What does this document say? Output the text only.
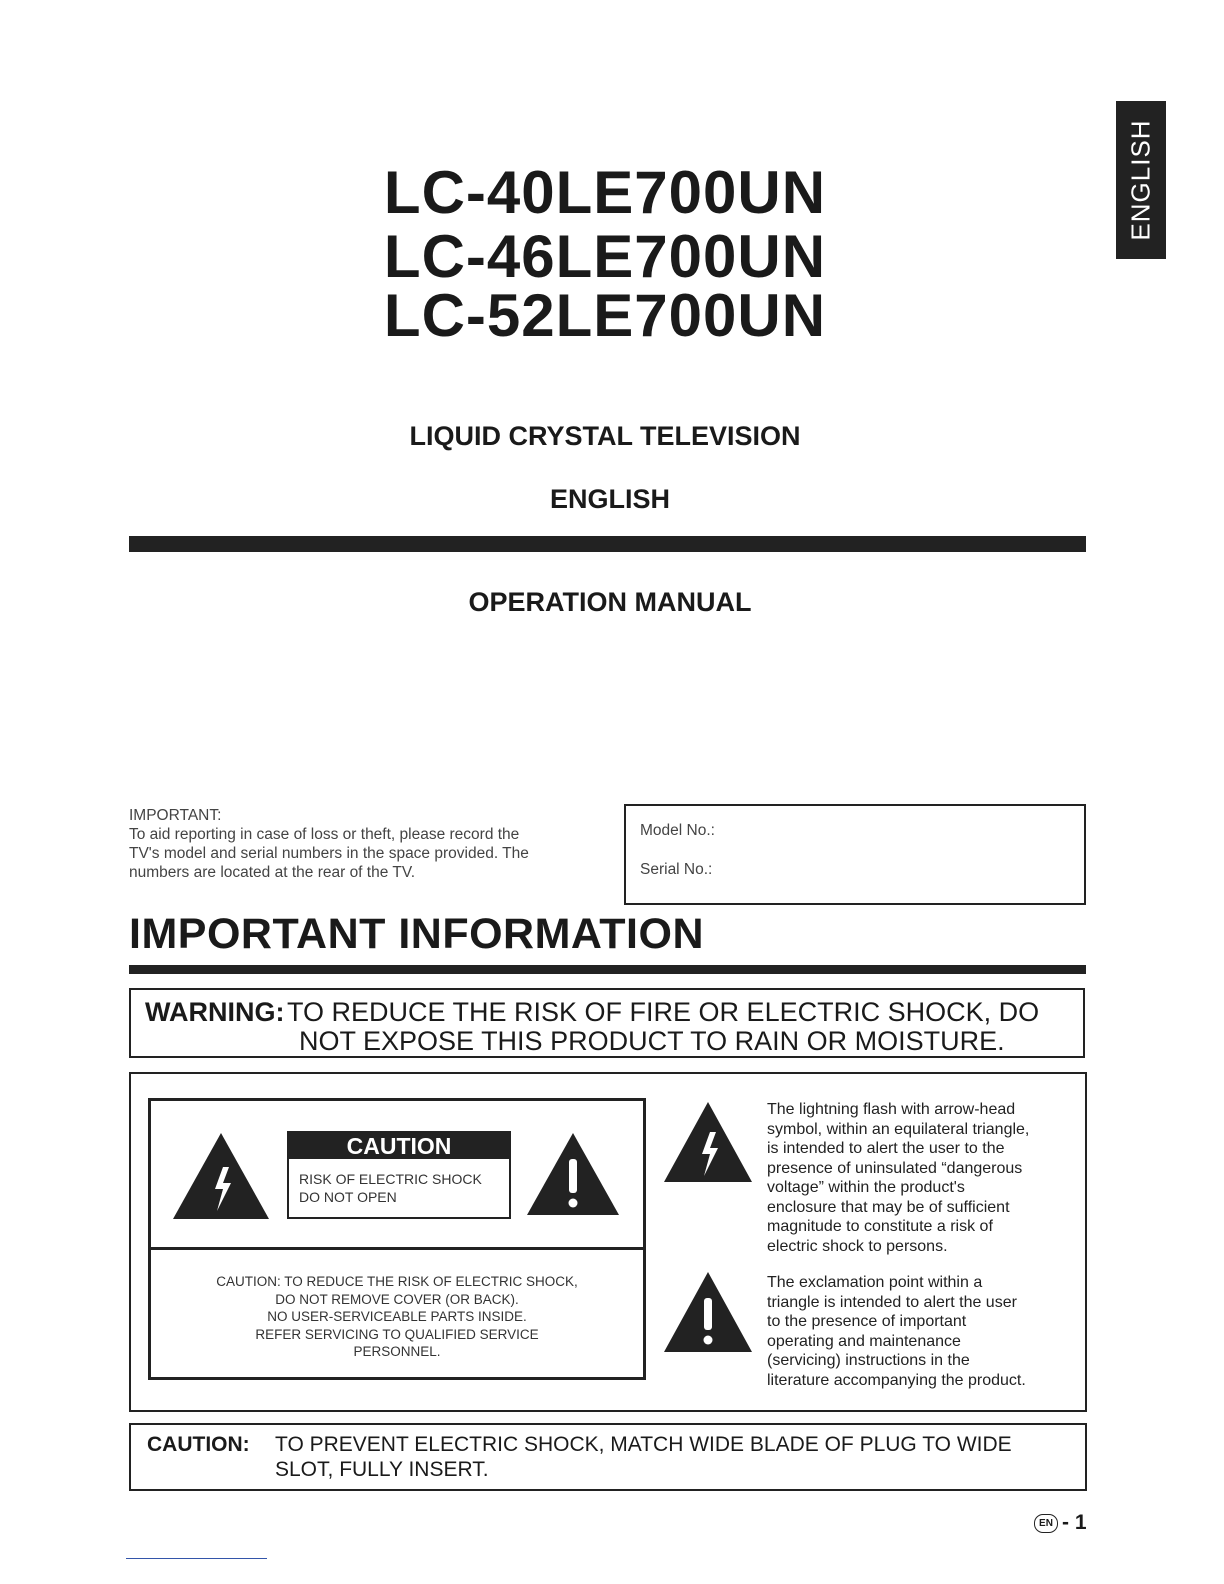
ENGLISH
LC-40LE700UN
LC-46LE700UN
LC-52LE700UN
LIQUID CRYSTAL TELEVISION
ENGLISH
OPERATION MANUAL
IMPORTANT:
To aid reporting in case of loss or theft, please record the
TV's model and serial numbers in the space provided. The
numbers are located at the rear of the TV.
Model No.:
Serial No.:
IMPORTANT INFORMATION
WARNING: TO REDUCE THE RISK OF FIRE OR ELECTRIC SHOCK, DO
NOT EXPOSE THIS PRODUCT TO RAIN OR MOISTURE.
CAUTION
RISK OF ELECTRIC SHOCK
DO NOT OPEN
CAUTION: TO REDUCE THE RISK OF ELECTRIC SHOCK,
DO NOT REMOVE COVER (OR BACK).
NO USER-SERVICEABLE PARTS INSIDE.
REFER SERVICING TO QUALIFIED SERVICE
PERSONNEL.
The lightning flash with arrow-head
symbol, within an equilateral triangle,
is intended to alert the user to the
presence of uninsulated “dangerous
voltage” within the product's
enclosure that may be of sufficient
magnitude to constitute a risk of
electric shock to persons.
The exclamation point within a
triangle is intended to alert the user
to the presence of important
operating and maintenance
(servicing) instructions in the
literature accompanying the product.
CAUTION: TO PREVENT ELECTRIC SHOCK, MATCH WIDE BLADE OF PLUG TO WIDE
SLOT, FULLY INSERT.
EN - 1
